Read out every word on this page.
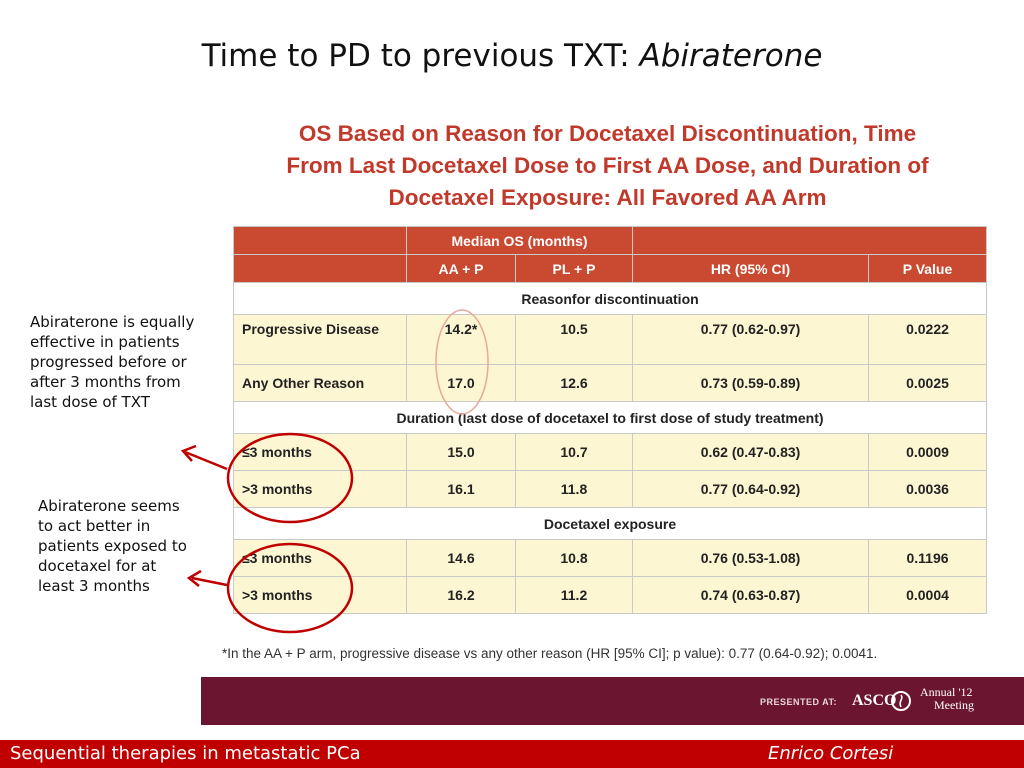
Time to PD to previous TXT: Abiraterone
OS Based on Reason for Docetaxel Discontinuation, Time
From Last Docetaxel Dose to First AA Dose, and Duration of
Docetaxel Exposure: All Favored AA Arm
	Median OS (months)			
	AA + P	PL + P	HR (95% CI)	P Value
Reasonfor discontinuation				
Progressive Disease	14.2*	10.5	0.77 (0.62-0.97)	0.0222
Any Other Reason	17.0	12.6	0.73 (0.59-0.89)	0.0025
Duration (last dose of docetaxel to first dose of study treatment)				
≤3 months	15.0	10.7	0.62 (0.47-0.83)	0.0009
>3 months	16.1	11.8	0.77 (0.64-0.92)	0.0036
Docetaxel exposure				
≤3 months	14.6	10.8	0.76 (0.53-1.08)	0.1196
>3 months	16.2	11.2	0.74 (0.63-0.87)	0.0004
*In the AA + P arm, progressive disease vs any other reason (HR [95% CI]; p value): 0.77 (0.64-0.92); 0.0041.
PRESENTED AT: ASCO Annual '12
Meeting
Abiraterone is equally effective in patients progressed before or after 3 months from last dose of TXT
Abiraterone seems to act better in patients exposed to docetaxel for at least 3 months
Sequential therapies in metastatic PCa	Enrico Cortesi
